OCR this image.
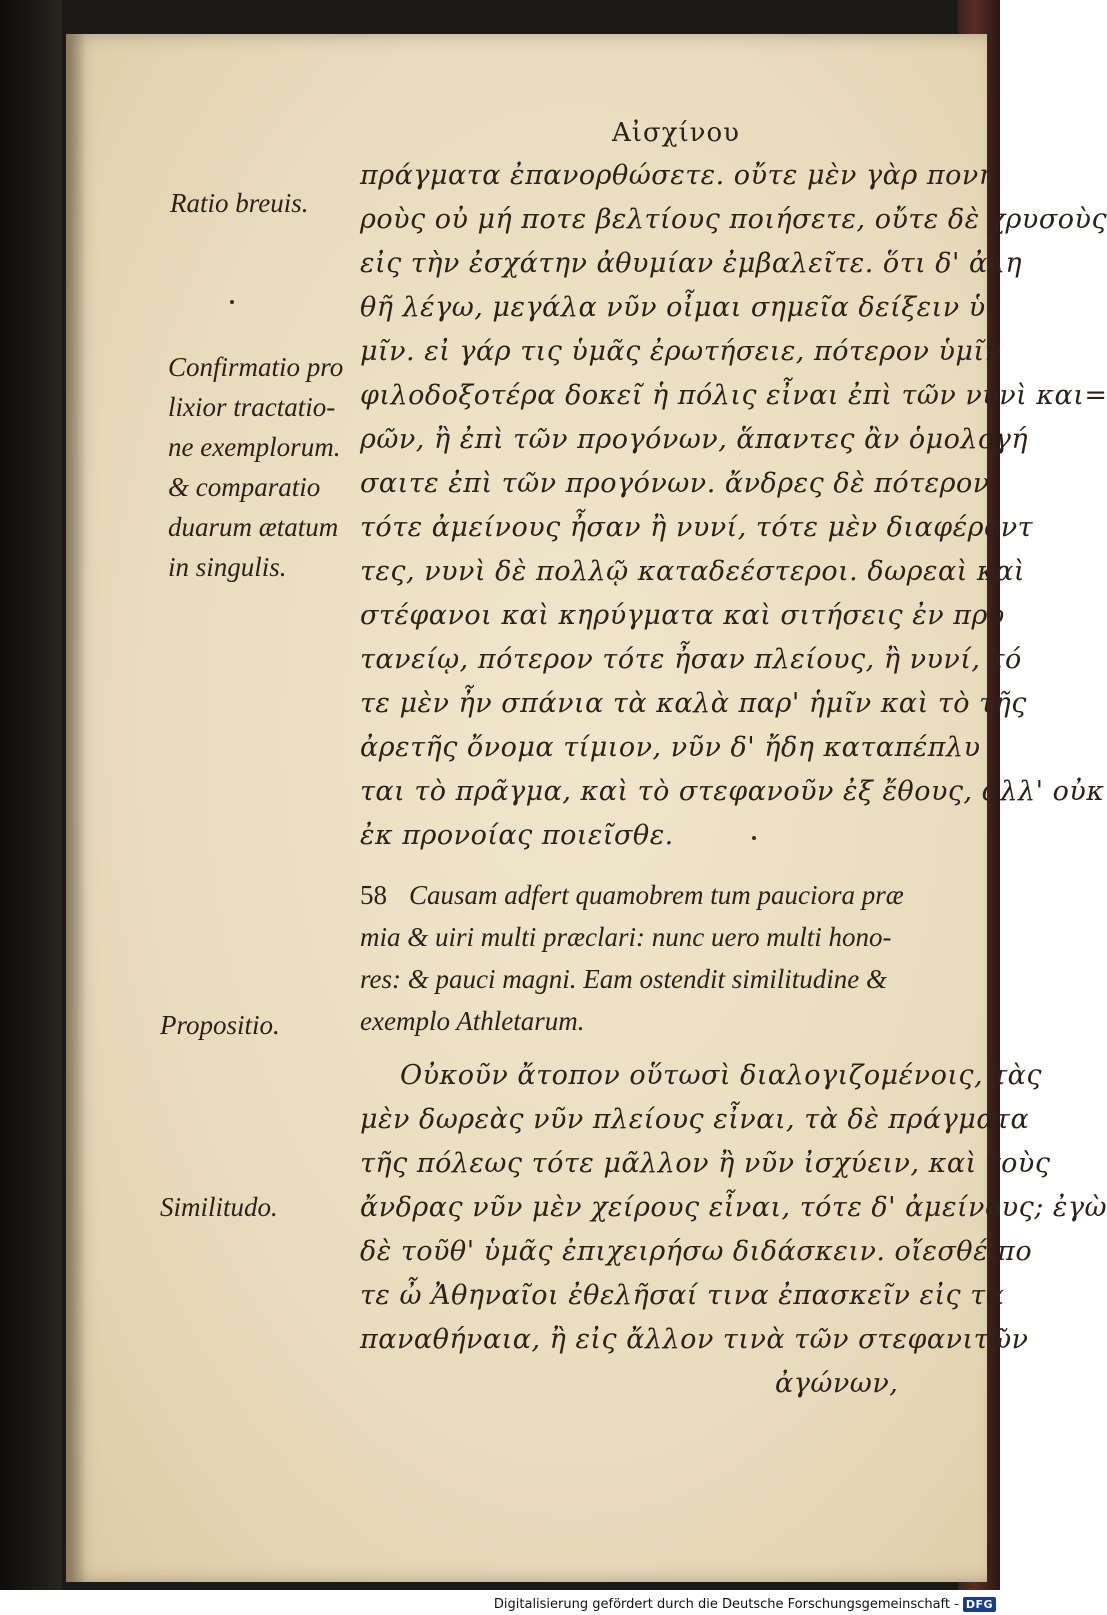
Αἰσχίνου
πράγματα ἐπανορθώσετε. οὔτε μὲν γὰρ πονη
ροὺς οὐ μή ποτε βελτίους ποιήσετε, οὔτε δὲ χρυσοὺς
εἰς τὴν ἐσχάτην ἀθυμίαν ἐμβαλεῖτε. ὅτι δ' ἀλη
θῆ λέγω, μεγάλα νῦν οἶμαι σημεῖα δείξειν ὑ
μῖν. εἰ γάρ τις ὑμᾶς ἐρωτήσειε, πότερον ὑμῖν
φιλοδοξοτέρα δοκεῖ ἡ πόλις εἶναι ἐπὶ τῶν νυνὶ και=
ρῶν, ἢ ἐπὶ τῶν προγόνων, ἅπαντες ἂν ὁμολογή
σαιτε ἐπὶ τῶν προγόνων. ἄνδρες δὲ πότερον
τότε ἀμείνους ἦσαν ἢ νυνί, τότε μὲν διαφέροντ
τες, νυνὶ δὲ πολλῷ καταδεέστεροι. δωρεαὶ καὶ
στέφανοι καὶ κηρύγματα καὶ σιτήσεις ἐν πρυ
τανείῳ, πότερον τότε ἦσαν πλείους, ἢ νυνί, τό
τε μὲν ἦν σπάνια τὰ καλὰ παρ' ἡμῖν καὶ τὸ τῆς
ἀρετῆς ὄνομα τίμιον, νῦν δ' ἤδη καταπέπλυ
ται τὸ πρᾶγμα, καὶ τὸ στεφανοῦν ἐξ ἔθους, ἀλλ' οὐκ
ἐκ προνοίας ποιεῖσθε.
58 Causam adfert quamobrem tum pauciora præ
mia & uiri multi præclari: nunc uero multi hono-
res: & pauci magni. Eam ostendit similitudine &
exemplo Athletarum.
Οὐκοῦν ἄτοπον οὕτωσὶ διαλογιζομένοις, τὰς
μὲν δωρεὰς νῦν πλείους εἶναι, τὰ δὲ πράγματα
τῆς πόλεως τότε μᾶλλον ἢ νῦν ἰσχύειν, καὶ τοὺς
ἄνδρας νῦν μὲν χείρους εἶναι, τότε δ' ἀμείνους; ἐγὼ
δὲ τοῦθ' ὑμᾶς ἐπιχειρήσω διδάσκειν. οἴεσθέ πο
τε ὦ Ἀθηναῖοι ἐθελῆσαί τινα ἐπασκεῖν εἰς τὰ
παναθήναια, ἢ εἰς ἄλλον τινὰ τῶν στεφανιτῶν
ἀγώνων,
Ratio breuis.
Confirmatio pro
lixior tractatio-
ne exemplorum.
& comparatio
duarum ætatum
in singulis.
Propositio.
Similitudo.
Digitalisierung gefördert durch die Deutsche Forschungsgemeinschaft - DFG
